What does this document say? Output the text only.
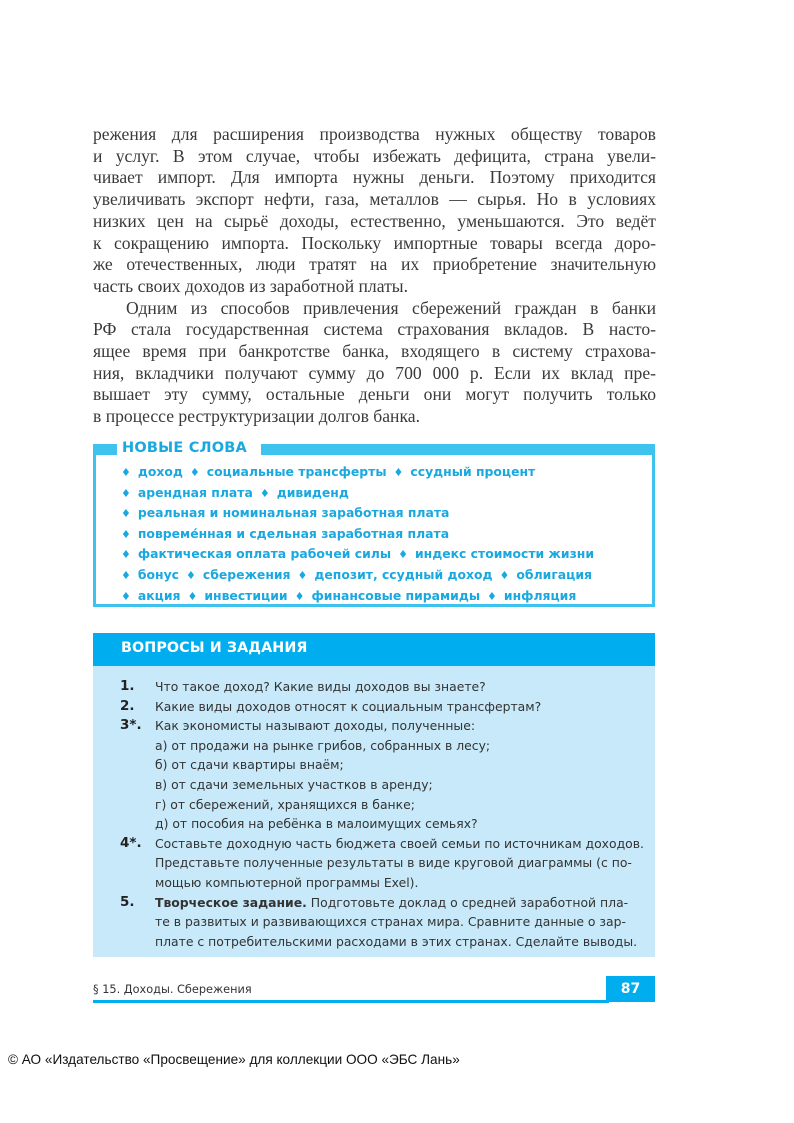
режения для расширения производства нужных обществу товаров
и услуг. В этом случае, чтобы избежать дефицита, страна увели-
чивает импорт. Для импорта нужны деньги. Поэтому приходится
увеличивать экспорт нефти, газа, металлов — сырья. Но в условиях
низких цен на сырьё доходы, естественно, уменьшаются. Это ведёт
к сокращению импорта. Поскольку импортные товары всегда доро-
же отечественных, люди тратят на их приобретение значительную
часть своих доходов из заработной платы.

Одним из способов привлечения сбережений граждан в банки
РФ стала государственная система страхования вкладов. В насто-
ящее время при банкротстве банка, входящего в систему страхова-
ния, вкладчики получают сумму до 700 000 р. Если их вклад пре-
вышает эту сумму, остальные деньги они могут получить только
в процессе реструктуризации долгов банка.

НОВЫЕ СЛОВА
♦ доход ♦ социальные трансферты ♦ ссудный процент
♦ арендная плата ♦ дивиденд
♦ реальная и номинальная заработная плата
♦ повреме́нная и сдельная заработная плата
♦ фактическая оплата рабочей силы ♦ индекс стоимости жизни
♦ бонус ♦ сбережения ♦ депозит, ссудный доход ♦ облигация
♦ акция ♦ инвестиции ♦ финансовые пирамиды ♦ инфляция
ВОПРОСЫ И ЗАДАНИЯ
1. Что такое доход? Какие виды доходов вы знаете?
2. Какие виды доходов относят к социальным трансфертам?
3*. Как экономисты называют доходы, полученные:
а) от продажи на рынке грибов, собранных в лесу;
б) от сдачи квартиры внаём;
в) от сдачи земельных участков в аренду;
г) от сбережений, хранящихся в банке;
д) от пособия на ребёнка в малоимущих семьях?
4*. Составьте доходную часть бюджета своей семьи по источникам доходов.
Представьте полученные результаты в виде круговой диаграммы (с по-
мощью компьютерной программы Exel).
5. Творческое задание. Подготовьте доклад о средней заработной пла-
те в развитых и развивающихся странах мира. Сравните данные о зар-
плате с потребительскими расходами в этих странах. Сделайте выводы.
§ 15. Доходы. Сбережения	87
© АО «Издательство «Просвещение» для коллекции ООО «ЭБС Лань»
